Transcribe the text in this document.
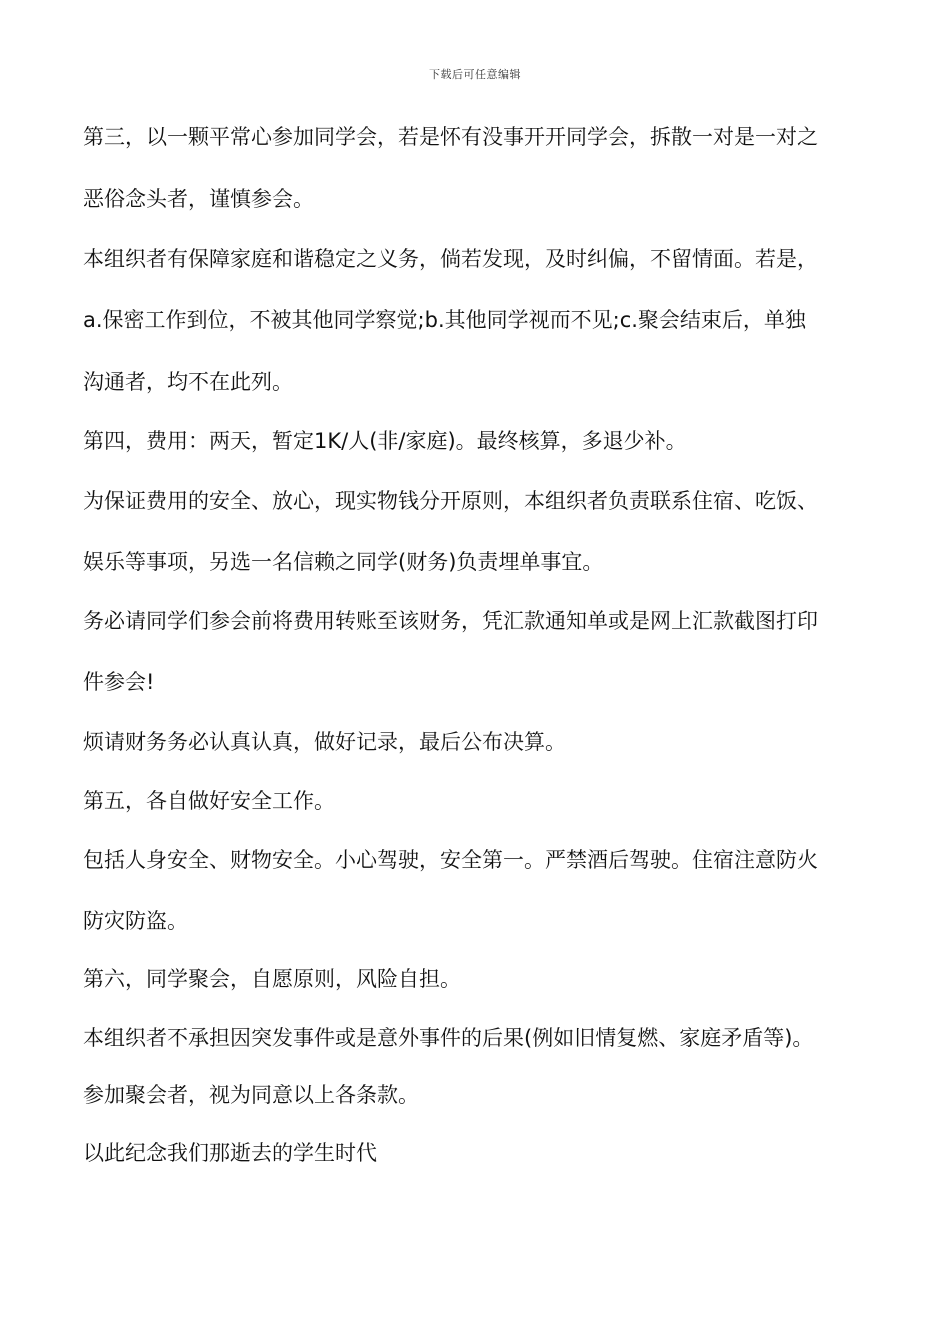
下载后可任意编辑
第三，以一颗平常心参加同学会，若是怀有没事开开同学会，拆散一对是一对之
恶俗念头者，谨慎参会。
本组织者有保障家庭和谐稳定之义务，倘若发现，及时纠偏，不留情面。若是，
a.保密工作到位，不被其他同学察觉;b.其他同学视而不见;c.聚会结束后，单独
沟通者，均不在此列。
第四，费用：两天，暂定1K/人(非/家庭)。最终核算，多退少补。
为保证费用的安全、放心，现实物钱分开原则，本组织者负责联系住宿、吃饭、
娱乐等事项，另选一名信赖之同学(财务)负责埋单事宜。
务必请同学们参会前将费用转账至该财务，凭汇款通知单或是网上汇款截图打印
件参会!
烦请财务务必认真认真，做好记录，最后公布决算。
第五，各自做好安全工作。
包括人身安全、财物安全。小心驾驶，安全第一。严禁酒后驾驶。住宿注意防火
防灾防盗。
第六，同学聚会，自愿原则，风险自担。
本组织者不承担因突发事件或是意外事件的后果(例如旧情复燃、家庭矛盾等)。
参加聚会者，视为同意以上各条款。
以此纪念我们那逝去的学生时代
